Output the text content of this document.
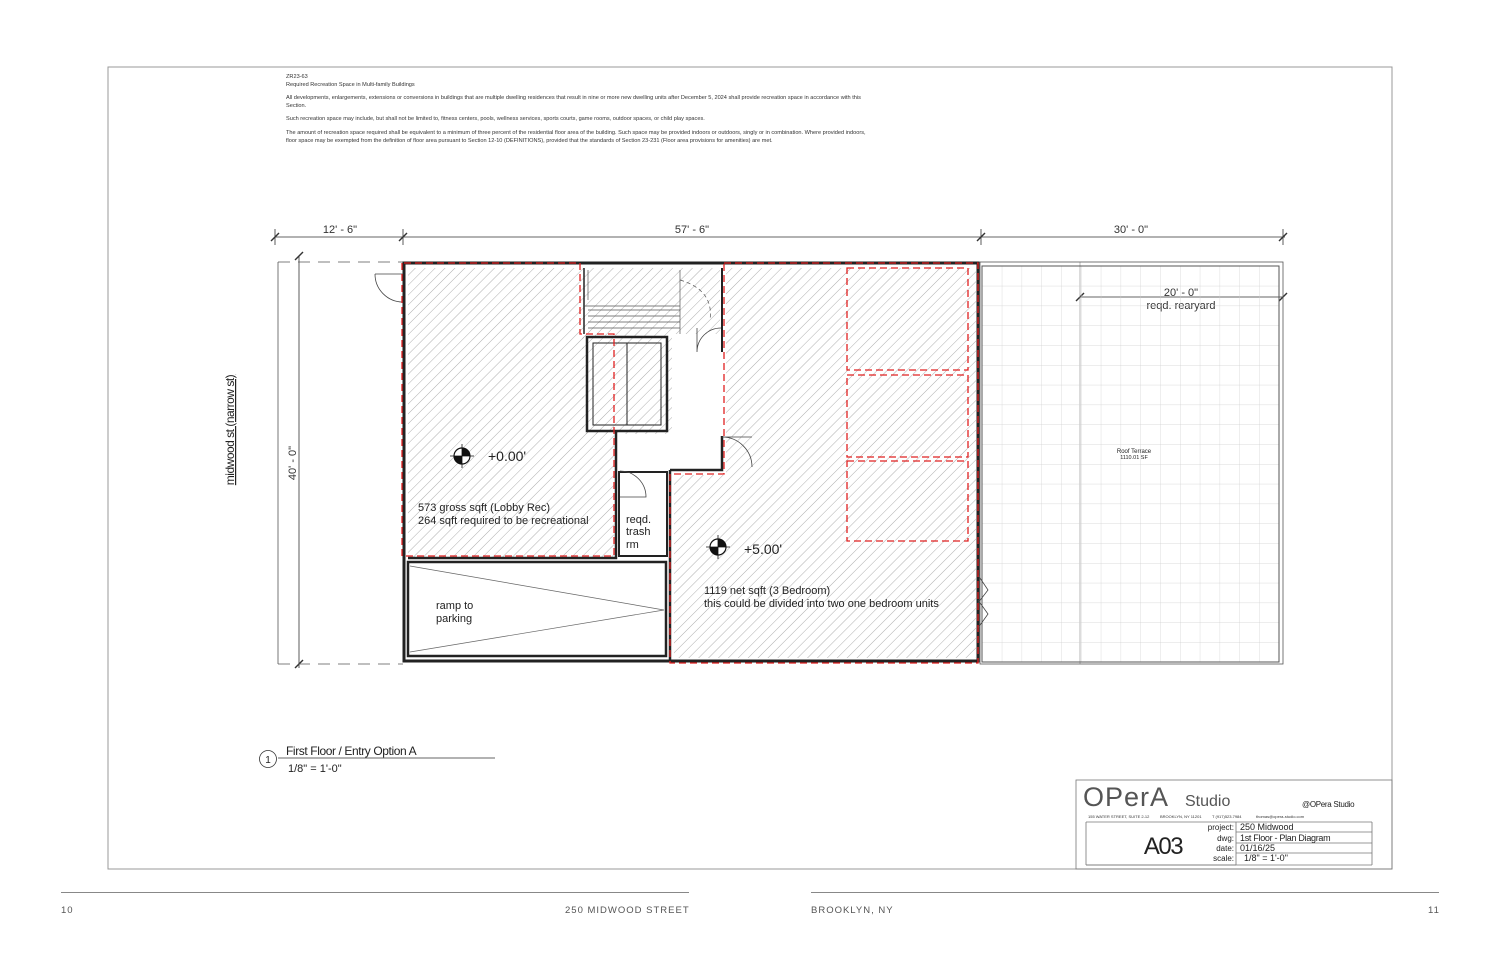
ZR23-63

Required Recreation Space in Multi-family Buildings

All developments, enlargements, extensions or conversions in buildings that are multiple dwelling residences that result in nine or more new dwelling units after December 5, 2024 shall provide recreation space in accordance with this Section.

Such recreation space may include, but shall not be limited to, fitness centers, pools, wellness services, sports courts, game rooms, outdoor spaces, or child play spaces.

The amount of recreation space required shall be equivalent to a minimum of three percent of the residential floor area of the building. Such space may be provided indoors or outdoors, singly or in combination. Where provided indoors, floor space may be exempted from the definition of floor area pursuant to Section 12-10 (DEFINITIONS), provided that the standards of Section 23-231 (Floor area provisions for amenities) are met.

12' - 6"	57' - 6"	30' - 0"
40' - 0"
midwood st (narrow st)	Roof Terrace
1110.01 SF
+0.00'
+5.00'
573 gross sqft (Lobby Rec)
264 sqft required to be recreational	reqd.
trash
rm
ramp to
parking
1119 net sqft (3 Bedroom)
this could be divided into two one bedroom units
1
First Floor / Entry Option A
1/8" = 1'-0"
OPerA Studio	@OPera Studio
155 WATER STREET, SUITE 2-12	BROOKLYN, NY 11201	T (917)523.7984	thomas@opera-studio.com
A03
project: 250 Midwood
dwg: 1st Floor - Plan Diagram
date: 01/16/25
scale: 1/8" = 1'-0"
10	250 MIDWOOD STREET	BROOKLYN, NY	11
